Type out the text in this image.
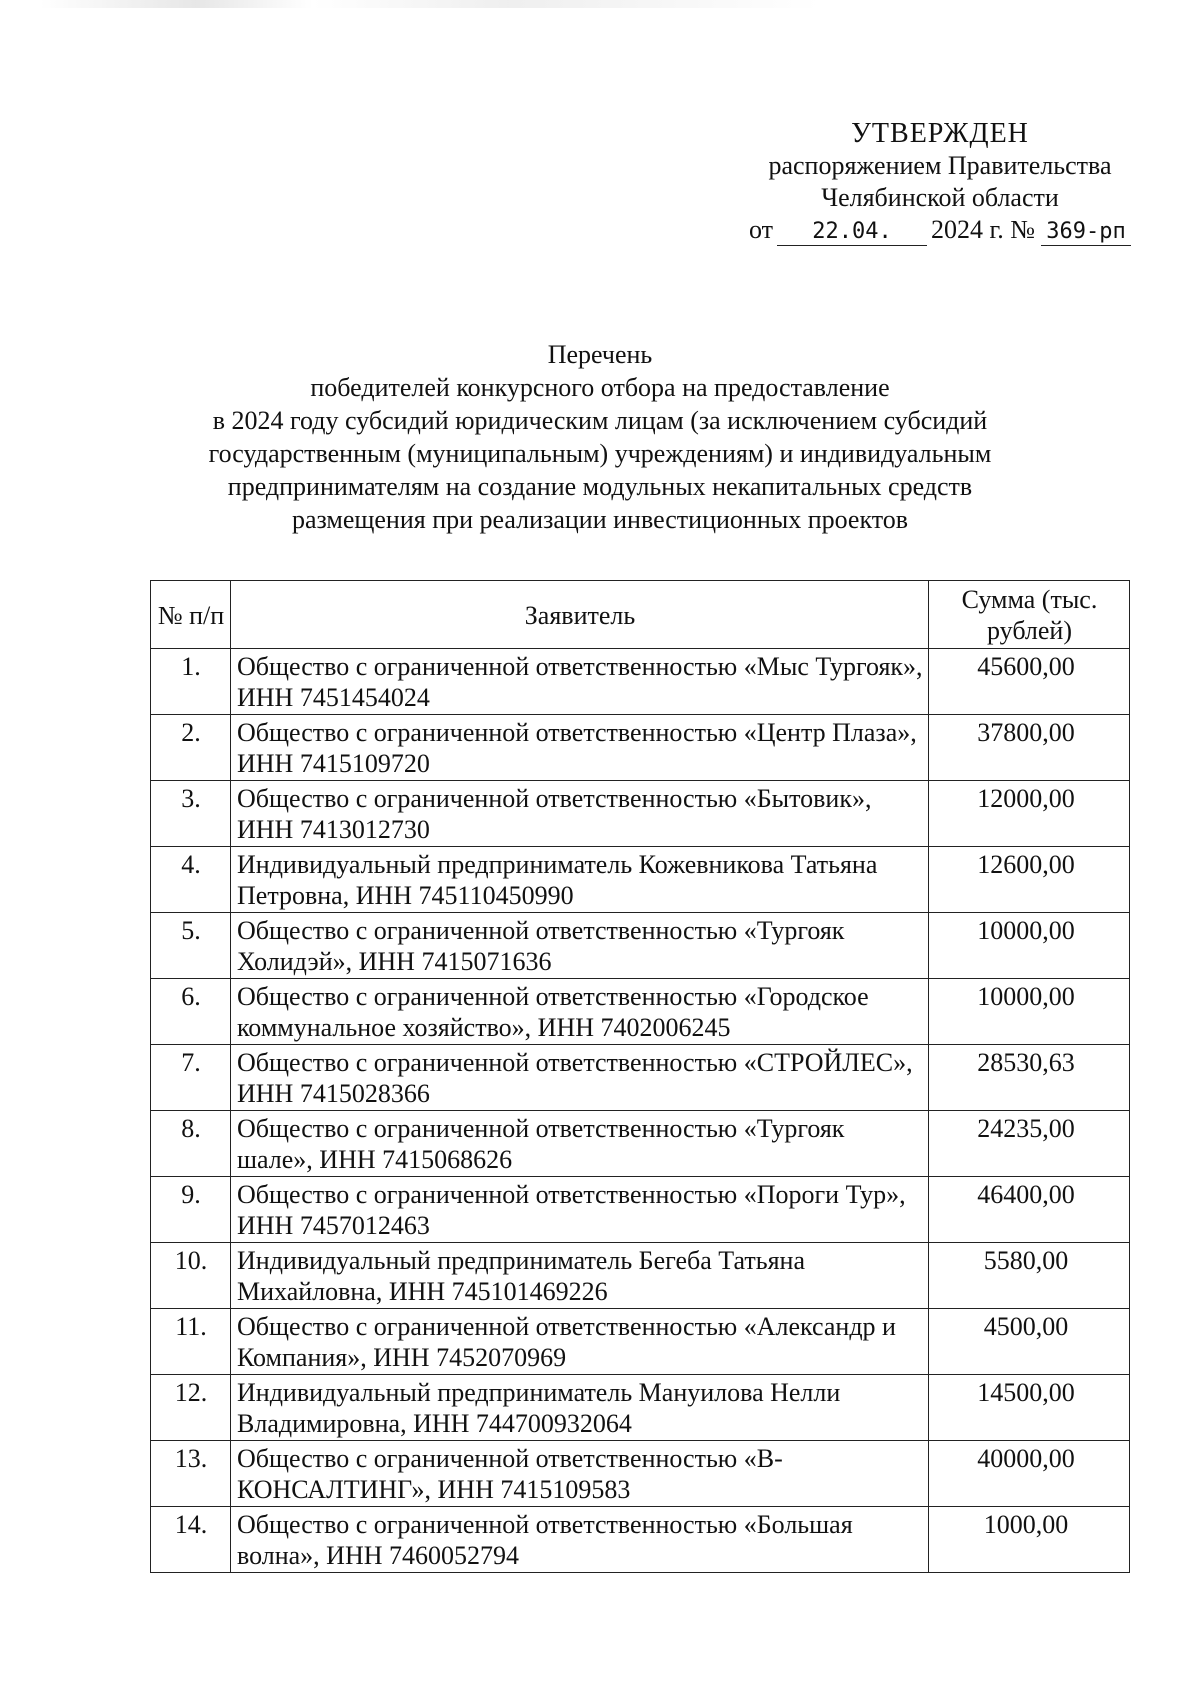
УТВЕРЖДЕН
распоряжением Правительства
Челябинской области
от	22.04.	2024 г. № 369-рп
Перечень
победителей конкурсного отбора на предоставление
в 2024 году субсидий юридическим лицам (за исключением субсидий
государственным (муниципальным) учреждениям) и индивидуальным
предпринимателям на создание модульных некапитальных средств
размещения при реализации инвестиционных проектов
№ п/п	Заявитель	Сумма (тыс. рублей)
1.	Общество с ограниченной ответственностью «Мыс Тургояк», ИНН 7451454024	45600,00
2.	Общество с ограниченной ответственностью «Центр Плаза», ИНН 7415109720	37800,00
3.	Общество с ограниченной ответственностью «Бытовик», ИНН 7413012730	12000,00
4.	Индивидуальный предприниматель Кожевникова Татьяна Петровна, ИНН 745110450990	12600,00
5.	Общество с ограниченной ответственностью «Тургояк Холидэй», ИНН 7415071636	10000,00
6.	Общество с ограниченной ответственностью «Городское коммунальное хозяйство», ИНН 7402006245	10000,00
7.	Общество с ограниченной ответственностью «СТРОЙЛЕС», ИНН 7415028366	28530,63
8.	Общество с ограниченной ответственностью «Тургояк шале», ИНН 7415068626	24235,00
9.	Общество с ограниченной ответственностью «Пороги Тур», ИНН 7457012463	46400,00
10.	Индивидуальный предприниматель Бегеба Татьяна Михайловна, ИНН 745101469226	5580,00
11.	Общество с ограниченной ответственностью «Александр и Компания», ИНН 7452070969	4500,00
12.	Индивидуальный предприниматель Мануилова Нелли Владимировна, ИНН 744700932064	14500,00
13.	Общество с ограниченной ответственностью «В-КОНСАЛТИНГ», ИНН 7415109583	40000,00
14.	Общество с ограниченной ответственностью «Большая волна», ИНН 7460052794	1000,00
